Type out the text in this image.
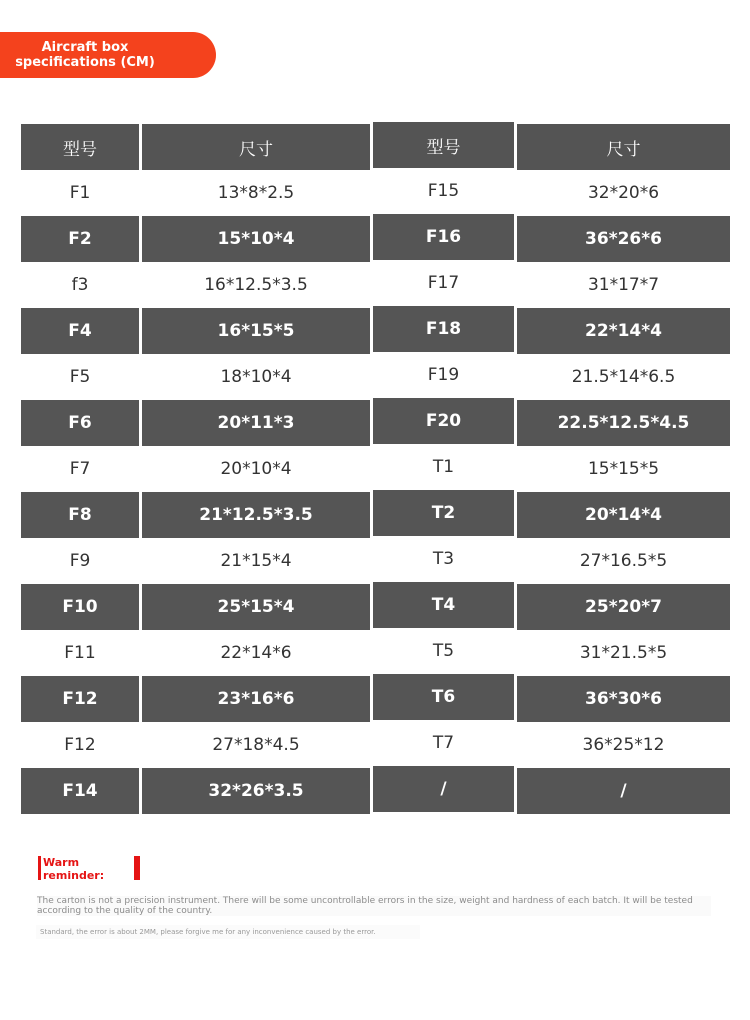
Aircraft box
specifications (CM)
型号	尺寸	型号	尺寸
F1	13*8*2.5	F15	32*20*6
F2	15*10*4	F16	36*26*6
f3	16*12.5*3.5	F17	31*17*7
F4	16*15*5	F18	22*14*4
F5	18*10*4	F19	21.5*14*6.5
F6	20*11*3	F20	22.5*12.5*4.5
F7	20*10*4	T1	15*15*5
F8	21*12.5*3.5	T2	20*14*4
F9	21*15*4	T3	27*16.5*5
F10	25*15*4	T4	25*20*7
F11	22*14*6	T5	31*21.5*5
F12	23*16*6	T6	36*30*6
F12	27*18*4.5	T7	36*25*12
F14	32*26*3.5	/	/
Warm
reminder:
The carton is not a precision instrument. There will be some uncontrollable errors in the size, weight and hardness of each batch. It will be tested according to the quality of the country.
Standard, the error is about 2MM, please forgive me for any inconvenience caused by the error.
